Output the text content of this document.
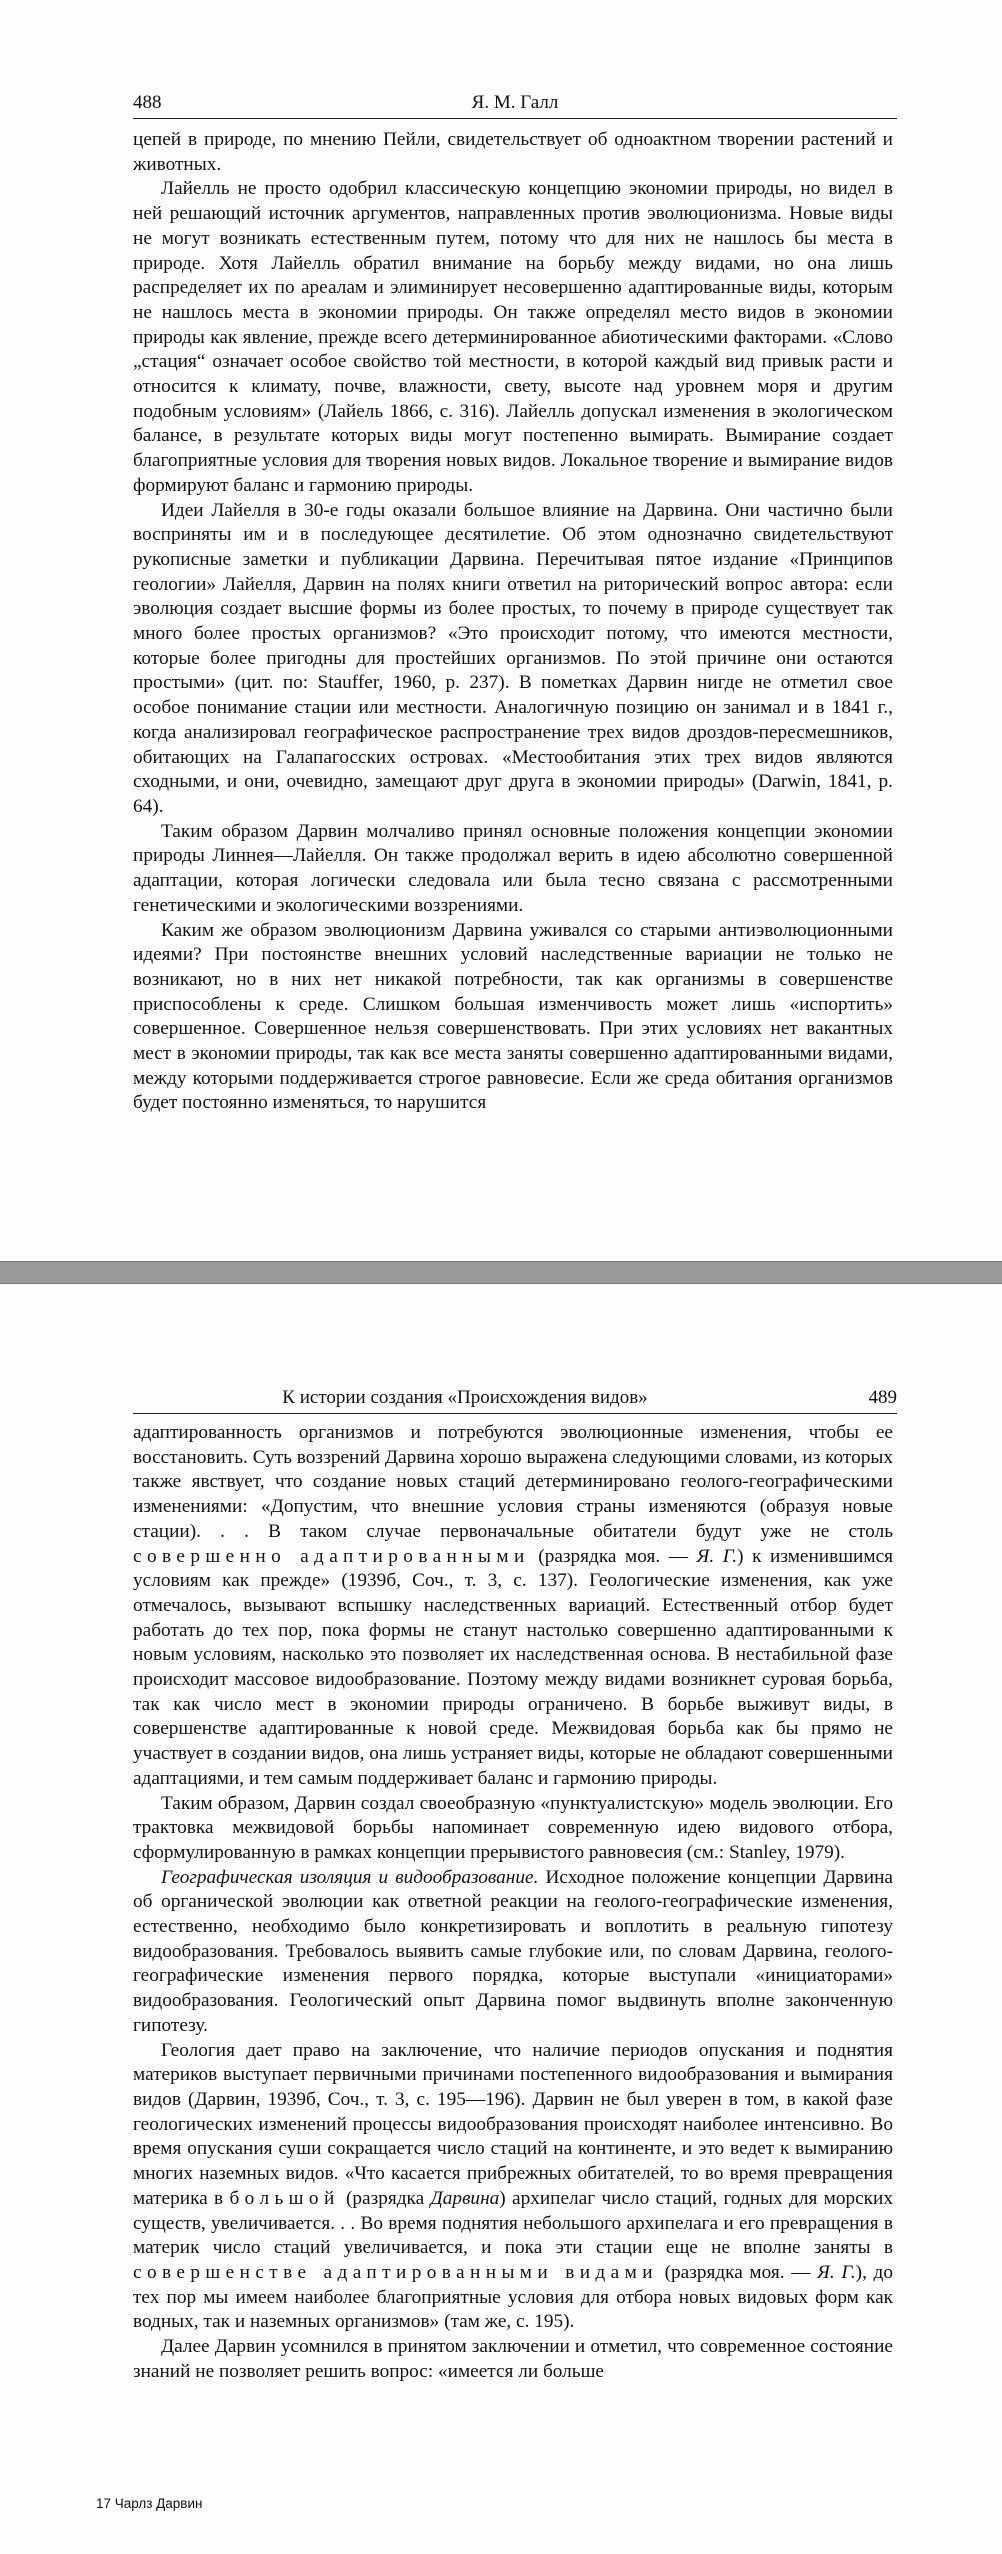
488	Я. М. Галл

цепей в природе, по мнению Пейли, свидетельствует об одноактном творении растений и животных.

Лайелль не просто одобрил классическую концепцию экономии природы, но видел в ней решающий источник аргументов, направленных против эволюционизма. Новые виды не могут возникать естественным путем, потому что для них не нашлось бы места в природе. Хотя Лайелль обратил внимание на борьбу между видами, но она лишь распределяет их по ареалам и элиминирует несовершенно адаптированные виды, которым не нашлось места в экономии природы. Он также определял место видов в экономии природы как явление, прежде всего детерминированное абиотическими факторами. «Слово „стация“ означает особое свойство той местности, в которой каждый вид привык расти и относится к климату, почве, влажности, свету, высоте над уровнем моря и другим подобным условиям» (Лайель 1866, с. 316). Лайелль допускал изменения в экологическом балансе, в результате которых виды могут постепенно вымирать. Вымирание создает благоприятные условия для творения новых видов. Локальное творение и вымирание видов формируют баланс и гармонию природы.

Идеи Лайелля в 30-е годы оказали большое влияние на Дарвина. Они частично были восприняты им и в последующее десятилетие. Об этом однозначно свидетельствуют рукописные заметки и публикации Дарвина. Перечитывая пятое издание «Принципов геологии» Лайелля, Дарвин на полях книги ответил на риторический вопрос автора: если эволюция создает высшие формы из более простых, то почему в природе существует так много более простых организмов? «Это происходит потому, что имеются местности, которые более пригодны для простейших организмов. По этой причине они остаются простыми» (цит. по: Stauffer, 1960, p. 237). В пометках Дарвин нигде не отметил свое особое понимание стации или местности. Аналогичную позицию он занимал и в 1841 г., когда анализировал географическое распространение трех видов дроздов-пересмешников, обитающих на Галапагосских островах. «Местообитания этих трех видов являются сходными, и они, очевидно, замещают друг друга в экономии природы» (Darwin, 1841, p. 64).

Таким образом Дарвин молчаливо принял основные положения концепции экономии природы Линнея—Лайелля. Он также продолжал верить в идею абсолютно совершенной адаптации, которая логически следовала или была тесно связана с рассмотренными генетическими и экологическими воззрениями.

Каким же образом эволюционизм Дарвина уживался со старыми антиэволюционными идеями? При постоянстве внешних условий наследственные вариации не только не возникают, но в них нет никакой потребности, так как организмы в совершенстве приспособлены к среде. Слишком большая изменчивость может лишь «испортить» совершенное. Совершенное нельзя совершенствовать. При этих условиях нет вакантных мест в экономии природы, так как все места заняты совершенно адаптированными видами, между которыми поддерживается строгое равновесие. Если же среда обитания организмов будет постоянно изменяться, то нарушится

К истории создания «Происхождения видов»	489

адаптированность организмов и потребуются эволюционные изменения, чтобы ее восстановить. Суть воззрений Дарвина хорошо выражена следующими словами, из которых также явствует, что создание новых стаций детерминировано геолого-географическими изменениями: «Допустим, что внешние условия страны изменяются (образуя новые стации). . . В таком случае первоначальные обитатели будут уже не столь совершенно адаптированными (разрядка моя. — Я. Г.) к изменившимся условиям как прежде» (1939б, Соч., т. 3, с. 137). Геологические изменения, как уже отмечалось, вызывают вспышку наследственных вариаций. Естественный отбор будет работать до тех пор, пока формы не станут настолько совершенно адаптированными к новым условиям, насколько это позволяет их наследственная основа. В нестабильной фазе происходит массовое видообразование. Поэтому между видами возникнет суровая борьба, так как число мест в экономии природы ограничено. В борьбе выживут виды, в совершенстве адаптированные к новой среде. Межвидовая борьба как бы прямо не участвует в создании видов, она лишь устраняет виды, которые не обладают совершенными адаптациями, и тем самым поддерживает баланс и гармонию природы.

Таким образом, Дарвин создал своеобразную «пунктуалистскую» модель эволюции. Его трактовка межвидовой борьбы напоминает современную идею видового отбора, сформулированную в рамках концепции прерывистого равновесия (см.: Stanley, 1979).

Географическая изоляция и видообразование. Исходное положение концепции Дарвина об органической эволюции как ответной реакции на геолого-географические изменения, естественно, необходимо было конкретизировать и воплотить в реальную гипотезу видообразования. Требовалось выявить самые глубокие или, по словам Дарвина, геолого-географические изменения первого порядка, которые выступали «инициаторами» видообразования. Геологический опыт Дарвина помог выдвинуть вполне законченную гипотезу.

Геология дает право на заключение, что наличие периодов опускания и поднятия материков выступает первичными причинами постепенного видообразования и вымирания видов (Дарвин, 1939б, Соч., т. 3, с. 195—196). Дарвин не был уверен в том, в какой фазе геологических изменений процессы видообразования происходят наиболее интенсивно. Во время опускания суши сокращается число стаций на континенте, и это ведет к вымиранию многих наземных видов. «Что касается прибрежных обитателей, то во время превращения материка в большой (разрядка Дарвина) архипелаг число стаций, годных для морских существ, увеличивается. . . Во время поднятия небольшого архипелага и его превращения в материк число стаций увеличивается, и пока эти стации еще не вполне заняты в совершенстве адаптированными видами (разрядка моя. — Я. Г.), до тех пор мы имеем наиболее благоприятные условия для отбора новых видовых форм как водных, так и наземных организмов» (там же, с. 195).

Далее Дарвин усомнился в принятом заключении и отметил, что современное состояние знаний не позволяет решить вопрос: «имеется ли больше

17 Чарлз Дарвин
